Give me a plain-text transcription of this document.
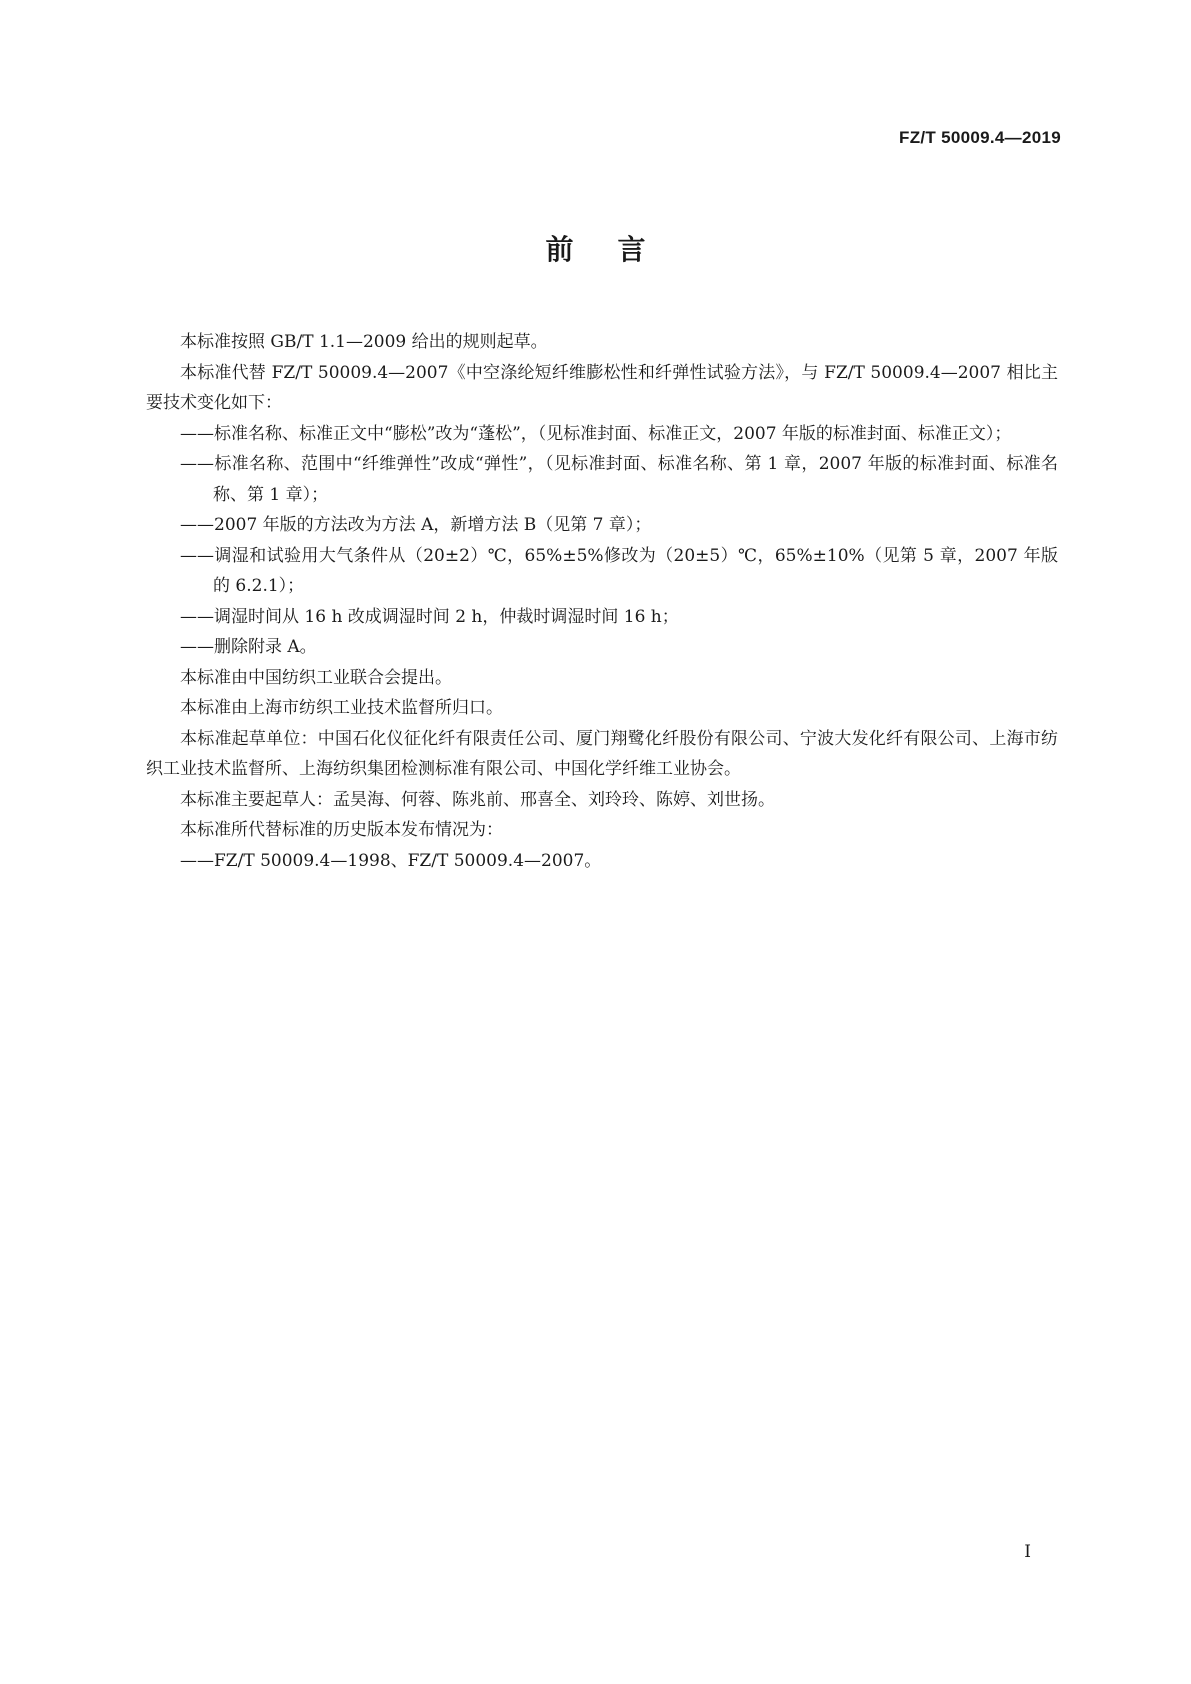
FZ/T 50009.4—2019
前言

本标准按照 GB/T 1.1—2009 给出的规则起草。

本标准代替 FZ/T 50009.4—2007《中空涤纶短纤维膨松性和纤弹性试验方法》，与 FZ/T 50009.4—2007 相比主要技术变化如下：

——标准名称、标准正文中“膨松”改为“蓬松”，（见标准封面、标准正文，2007 年版的标准封面、标准正文）；

——标准名称、范围中“纤维弹性”改成“弹性”，（见标准封面、标准名称、第 1 章，2007 年版的标准封面、标准名称、第 1 章）；

——2007 年版的方法改为方法 A，新增方法 B（见第 7 章）；

——调湿和试验用大气条件从（20±2）℃，65%±5%修改为（20±5）℃，65%±10%（见第 5 章，2007 年版的 6.2.1）；

——调湿时间从 16 h 改成调湿时间 2 h，仲裁时调湿时间 16 h；

——删除附录 A。

本标准由中国纺织工业联合会提出。

本标准由上海市纺织工业技术监督所归口。

本标准起草单位：中国石化仪征化纤有限责任公司、厦门翔鹭化纤股份有限公司、宁波大发化纤有限公司、上海市纺织工业技术监督所、上海纺织集团检测标准有限公司、中国化学纤维工业协会。

本标准主要起草人：孟昊海、何蓉、陈兆前、邢喜全、刘玲玲、陈婷、刘世扬。

本标准所代替标准的历史版本发布情况为：

——FZ/T 50009.4—1998、FZ/T 50009.4—2007。

I
